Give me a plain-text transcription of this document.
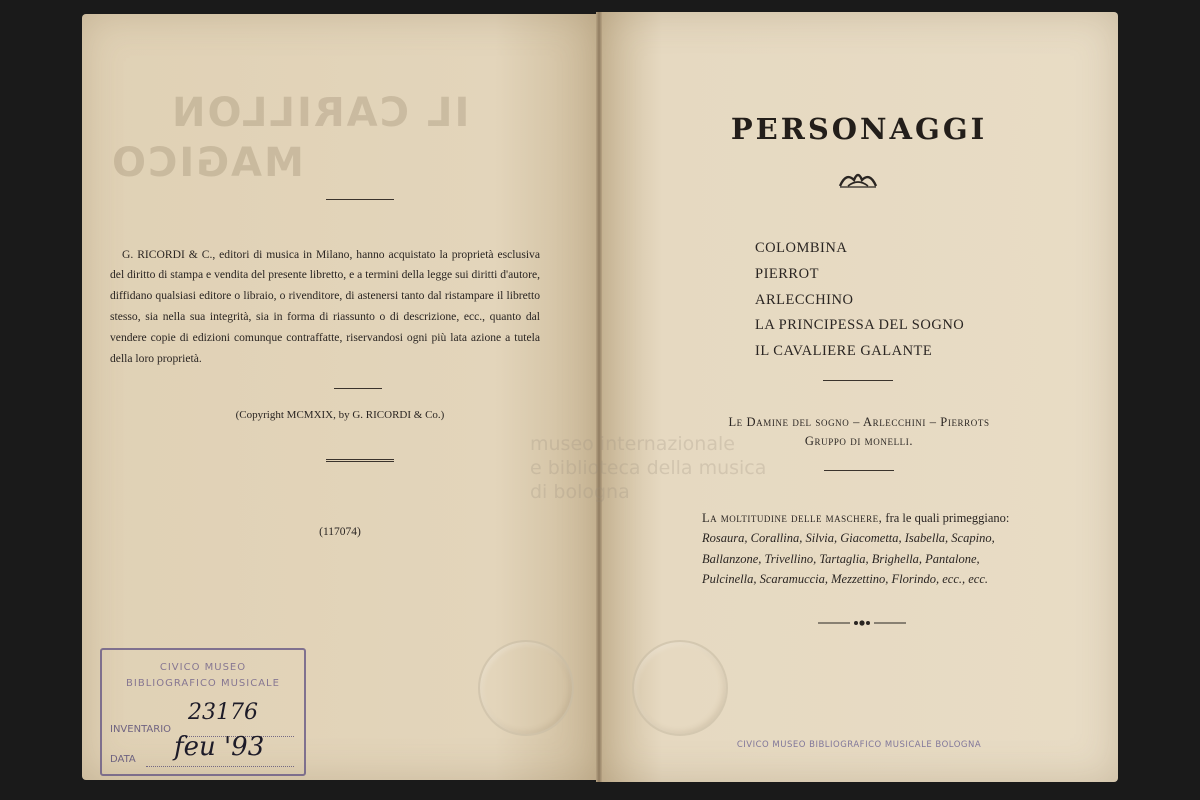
IL CARILLON
MAGICO

G. RICORDI & C., editori di musica in Milano, hanno acquistato la proprietà esclusiva del diritto di stampa e vendita del presente libretto, e a termini della legge sui diritti d'autore, diffidano qualsiasi editore o libraio, o rivenditore, di astenersi tanto dal ristampare il libretto stesso, sia nella sua integrità, sia in forma di riassunto o di descrizione, ecc., quanto dal vendere copie di edizioni comunque contraffatte, riservandosi ogni più lata azione a tutela della loro proprietà.

(Copyright MCMXIX, by G. RICORDI & Co.)
(117074)
CIVICO MUSEO
BIBLIOGRAFICO MUSICALE
INVENTARIO
23176
DATA feu '93
PERSONAGGI
COLOMBINA
PIERROT
ARLECCHINO
LA PRINCIPESSA DEL SOGNO
IL CAVALIERE GALANTE

Le Damine del sogno – Arlecchini – Pierrots

Gruppo di monelli.

La moltitudine delle maschere, fra le quali primeggiano: Rosaura, Corallina, Silvia, Giacometta, Isabella, Scapino, Ballanzone, Trivellino, Tartaglia, Brighella, Pantalone, Pulcinella, Scaramuccia, Mezzettino, Florindo, ecc., ecc.

CIVICO MUSEO BIBLIOGRAFICO MUSICALE BOLOGNA
museo internazionale
e biblioteca della musica
di bologna
